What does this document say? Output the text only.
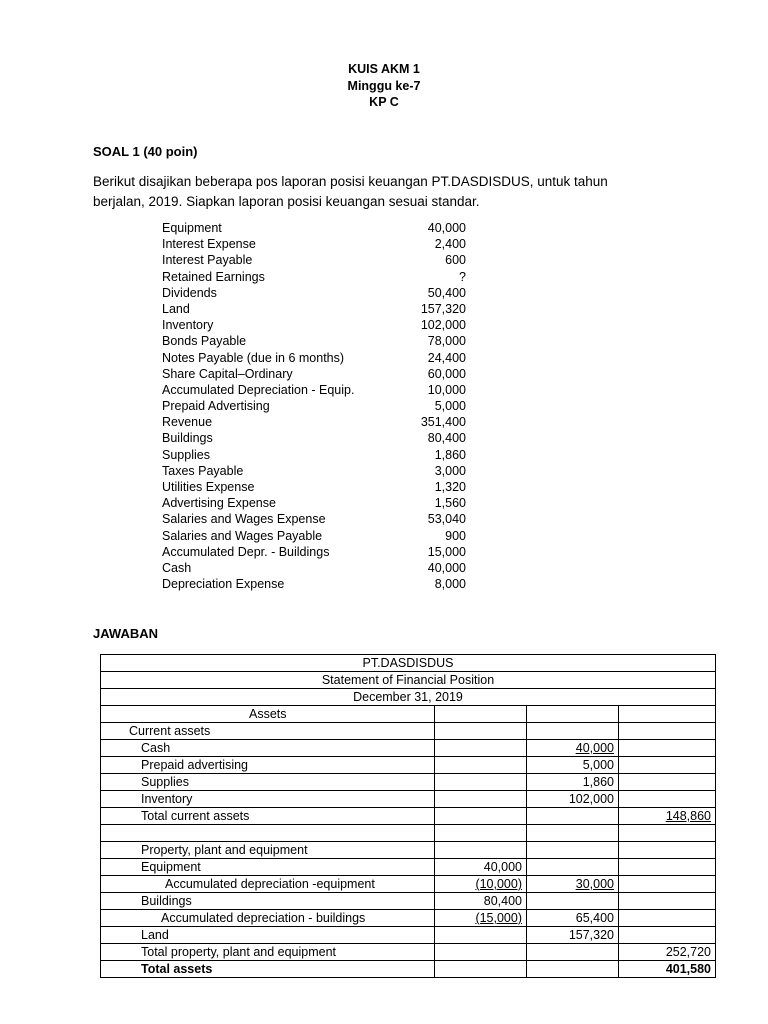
KUIS AKM 1
Minggu ke-7
KP C
SOAL 1 (40 poin)
Berikut disajikan beberapa pos laporan posisi keuangan PT.DASDISDUS, untuk tahun berjalan, 2019. Siapkan laporan posisi keuangan sesuai standar.
Equipment	40,000
Interest Expense	2,400
Interest Payable	600
Retained Earnings	?
Dividends	50,400
Land	157,320
Inventory	102,000
Bonds Payable	78,000
Notes Payable (due in 6 months)	24,400
Share Capital–Ordinary	60,000
Accumulated Depreciation - Equip.	10,000
Prepaid Advertising	5,000
Revenue	351,400
Buildings	80,400
Supplies	1,860
Taxes Payable	3,000
Utilities Expense	1,320
Advertising Expense	1,560
Salaries and Wages Expense	53,040
Salaries and Wages Payable	900
Accumulated Depr. - Buildings	15,000
Cash	40,000
Depreciation Expense	8,000
JAWABAN
PT.DASDISDUS			
Statement of Financial Position			
December 31, 2019			
Assets			
Current assets			
Cash		40,000	
Prepaid advertising		5,000	
Supplies		1,860	
Inventory		102,000	
Total current assets			148,860

Property, plant and equipment			
Equipment	40,000		
Accumulated depreciation -equipment	(10,000)	30,000	
Buildings	80,400		
Accumulated depreciation - buildings	(15,000)	65,400	
Land		157,320	
Total property, plant and equipment			252,720
Total assets			401,580
